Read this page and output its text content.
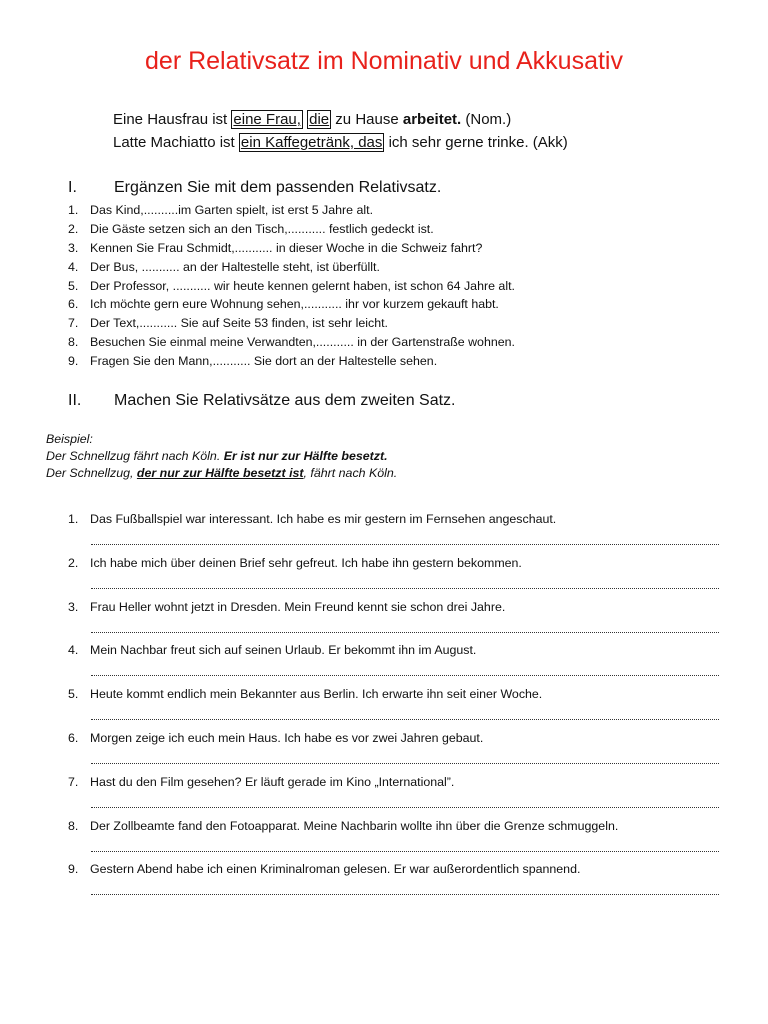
der Relativsatz im Nominativ und Akkusativ
Eine Hausfrau ist eine Frau, die zu Hause arbeitet. (Nom.)
Latte Machiatto ist ein Kaffegetränk, das ich sehr gerne trinke. (Akk)
I. Ergänzen Sie mit dem passenden Relativsatz.
1. Das Kind,..........im Garten spielt, ist erst 5 Jahre alt.
2. Die Gäste setzen sich an den Tisch,........... festlich gedeckt ist.
3. Kennen Sie Frau Schmidt,........... in dieser Woche in die Schweiz fahrt?
4. Der Bus, ........... an der Haltestelle steht, ist überfüllt.
5. Der Professor, ........... wir heute kennen gelernt haben, ist schon 64 Jahre alt.
6. Ich möchte gern eure Wohnung sehen,........... ihr vor kurzem gekauft habt.
7. Der Text,........... Sie auf Seite 53 finden, ist sehr leicht.
8. Besuchen Sie einmal meine Verwandten,........... in der Gartenstraße wohnen.
9. Fragen Sie den Mann,........... Sie dort an der Haltestelle sehen.
II. Machen Sie Relativsätze aus dem zweiten Satz.
Beispiel:
Der Schnellzug fährt nach Köln. Er ist nur zur Hälfte besetzt.
Der Schnellzug, der nur zur Hälfte besetzt ist, fährt nach Köln.
1. Das Fußballspiel war interessant. Ich habe es mir gestern im Fernsehen angeschaut.
2. Ich habe mich über deinen Brief sehr gefreut. Ich habe ihn gestern bekommen.
3. Frau Heller wohnt jetzt in Dresden. Mein Freund kennt sie schon drei Jahre.
4. Mein Nachbar freut sich auf seinen Urlaub. Er bekommt ihn im August.
5. Heute kommt endlich mein Bekannter aus Berlin. Ich erwarte ihn seit einer Woche.
6. Morgen zeige ich euch mein Haus. Ich habe es vor zwei Jahren gebaut.
7. Hast du den Film gesehen? Er läuft gerade im Kino „International”.
8. Der Zollbeamte fand den Fotoapparat. Meine Nachbarin wollte ihn über die Grenze schmuggeln.
9. Gestern Abend habe ich einen Kriminalroman gelesen. Er war außerordentlich spannend.
